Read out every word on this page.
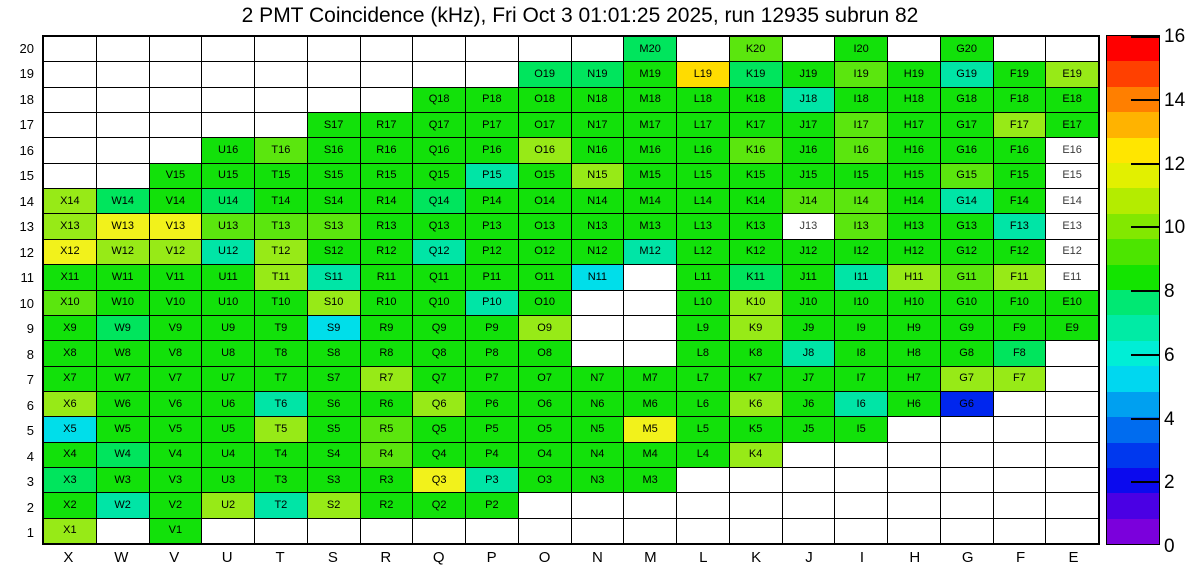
2 PMT Coincidence (kHz), Fri Oct 3 01:01:25 2025, run 12935 subrun 82
M20	K20	I20	G20
O19	N19	M19	L19	K19	J19	I19	H19	G19	F19	E19
Q18	P18	O18	N18	M18	L18	K18	J18	I18	H18	G18	F18	E18
S17	R17	Q17	P17	O17	N17	M17	L17	K17	J17	I17	H17	G17	F17	E17
U16	T16	S16	R16	Q16	P16	O16	N16	M16	L16	K16	J16	I16	H16	G16	F16	E16
V15	U15	T15	S15	R15	Q15	P15	O15	N15	M15	L15	K15	J15	I15	H15	G15	F15	E15
X14	W14	V14	U14	T14	S14	R14	Q14	P14	O14	N14	M14	L14	K14	J14	I14	H14	G14	F14	E14
X13	W13	V13	U13	T13	S13	R13	Q13	P13	O13	N13	M13	L13	K13	J13	I13	H13	G13	F13	E13
X12	W12	V12	U12	T12	S12	R12	Q12	P12	O12	N12	M12	L12	K12	J12	I12	H12	G12	F12	E12
X11	W11	V11	U11	T11	S11	R11	Q11	P11	O11	N11	L11	K11	J11	I11	H11	G11	F11	E11
X10	W10	V10	U10	T10	S10	R10	Q10	P10	O10	L10	K10	J10	I10	H10	G10	F10	E10
X9	W9	V9	U9	T9	S9	R9	Q9	P9	O9	L9	K9	J9	I9	H9	G9	F9	E9
X8	W8	V8	U8	T8	S8	R8	Q8	P8	O8	L8	K8	J8	I8	H8	G8	F8
X7	W7	V7	U7	T7	S7	R7	Q7	P7	O7	N7	M7	L7	K7	J7	I7	H7	G7	F7
X6	W6	V6	U6	T6	S6	R6	Q6	P6	O6	N6	M6	L6	K6	J6	I6	H6	G6
X5	W5	V5	U5	T5	S5	R5	Q5	P5	O5	N5	M5	L5	K5	J5	I5
X4	W4	V4	U4	T4	S4	R4	Q4	P4	O4	N4	M4	L4	K4
X3	W3	V3	U3	T3	S3	R3	Q3	P3	O3	N3	M3
X2	W2	V2	U2	T2	S2	R2	Q2	P2
X1	V1
20
19
18
17
16
15
14
13
12
11
10
9
8
7
6
5
4
3
2
1
X	W	V	U	T	S	R	Q	P	O	N	M	L	K	J	I	H	G	F	E
16
14
12
10
8
6
4
2
0
